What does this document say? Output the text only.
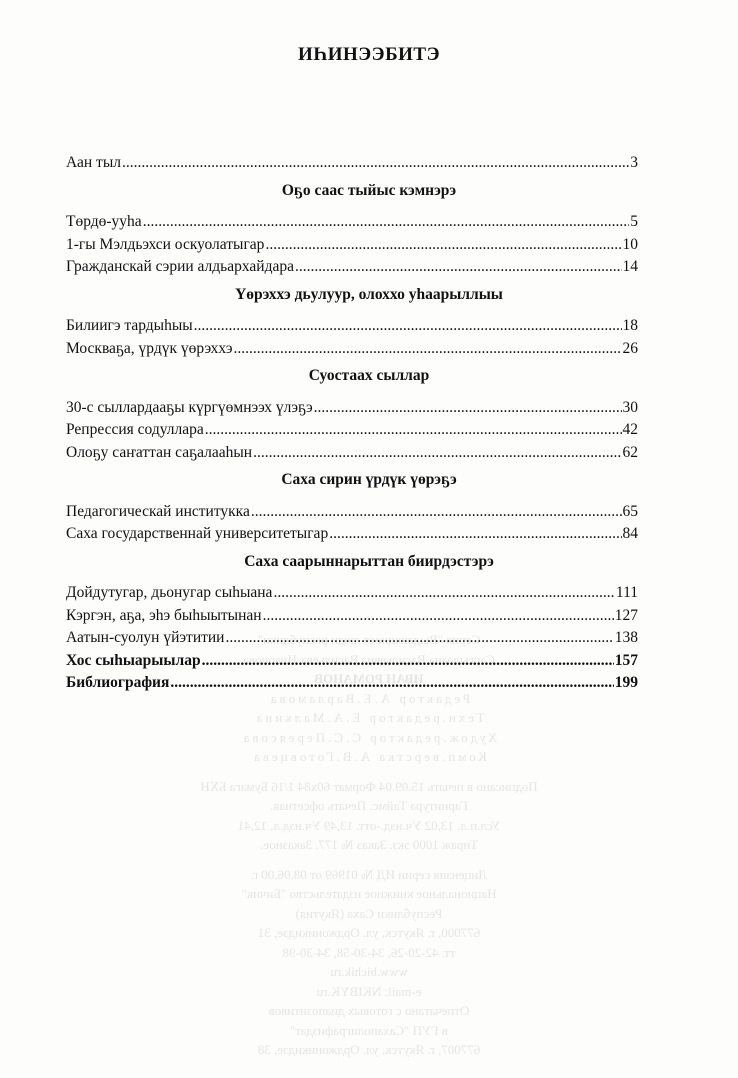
ИҺИНЭЭБИТЭ
Серия "Выдающиеся люди республики"
Саргыдаана Васильевна Васильева-Никонова
ИВАН РОМАНОВ
Редактор А.Е.Варламова
Техн.редактор Е.А.Малкина
Худож.редактор С.С.Переясова
Комп.верстка А.В.Готовцева
Подписано в печать 15.09.04 Формат 60x84 1/16 Бумага БХН
Гарнитура Таймс. Печать офсетная.
Усл.п.л. 13,02 Уч.изд.-отт. 13,49 Уч.изд.л. 12,41
Тираж 1000 экз. Заказ № 177. Заказное.
Лицензия серии ИД № 01969 от 08.06.00 г.
Национальное книжное издательство "Бичик"
Республики Саха (Якутия)
677000, г. Якутск, ул. Орджоникидзе, 31
тт. 42-20-26, 34-30-58, 34-30-98
www.bichik.ru
e-mail: NKIBYK.ru
Отпечатано с готовых диапозитивов
в ГУП "Сахаполиграфиздат"
677007, г. Якутск, ул. Орджоникидзе, 38
Аан тыл .....	3
Оҕо саас тыйыс кэмнэрэ
Төрдө-ууһа .....	5
1-гы Мэлдьэхси оскуолатыгар .....	10
Гражданскай сэрии алдьархайдара .....	14
Үөрэххэ дьулуур, олоххо уһаарыллыы
Билиигэ тардыһыы .....	18
Москваҕа, үрдүк үөрэххэ .....	26
Суостаах сыллар
30-с сыллардааҕы күргүөмнээх үлэҕэ .....	30
Репрессия содуллара .....	42
Олоҕу саҥаттан саҕалааһын .....	62
Саха сирин үрдүк үөрэҕэ
Педагогическай институкка .....	65
Саха государственнай университетыгар .....	84
Саха саарыннарыттан биирдэстэрэ
Дойдутугар, дьонугар сыһыана .....	111
Кэргэн, аҕа, эһэ быһыытынан .....	127
Аатын-суолун үйэтитии .....	138
Хос сыһыарыылар .....	157
Библиография .....	199
